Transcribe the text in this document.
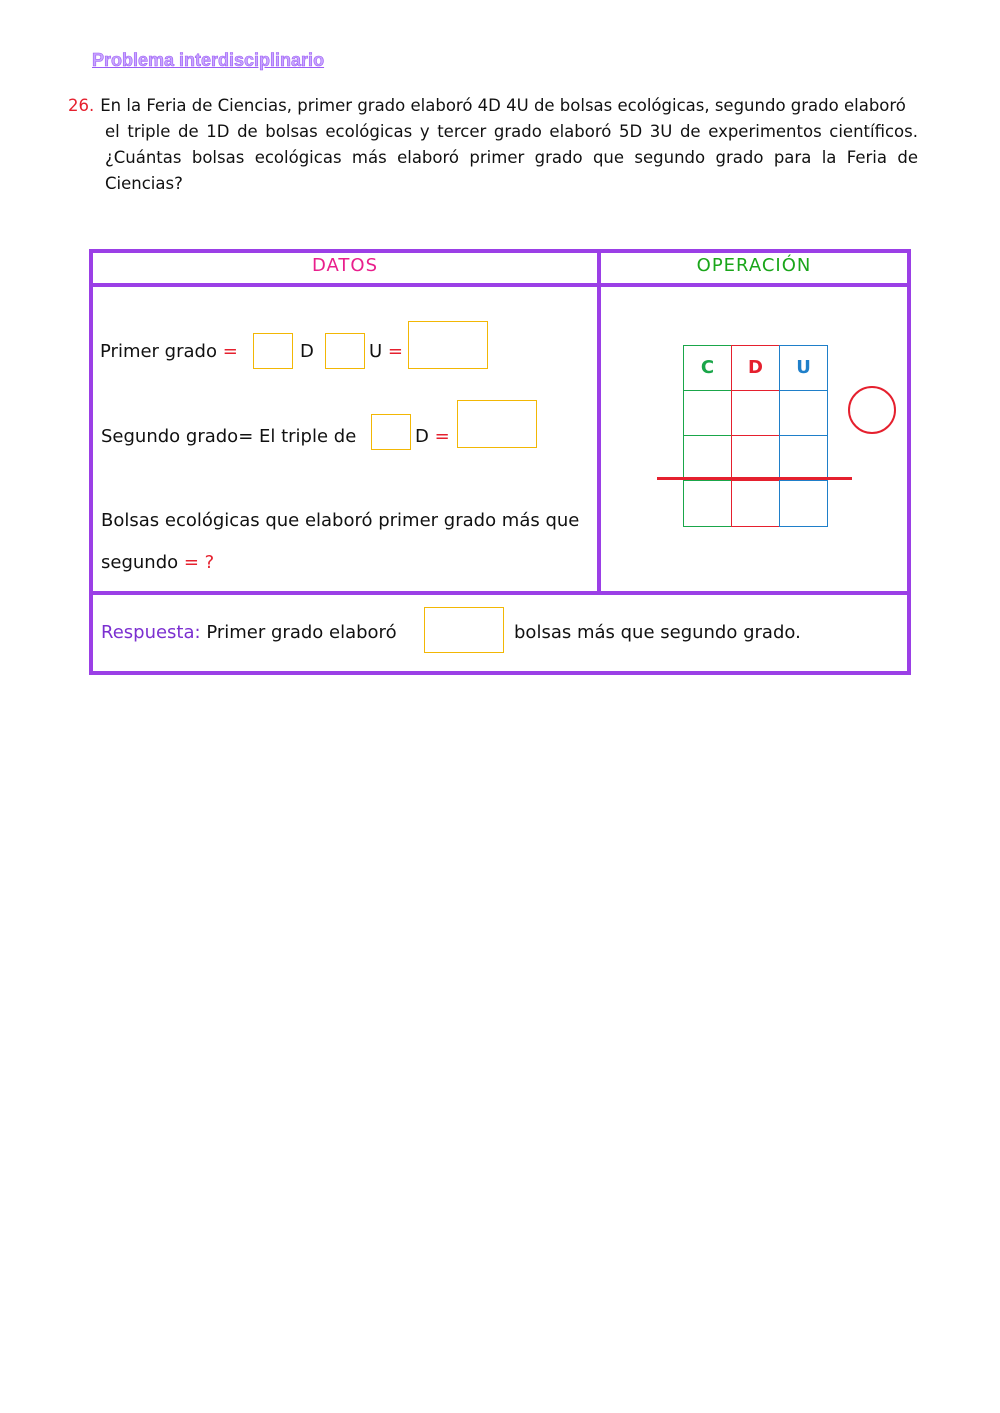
Problema interdisciplinario
26. En la Feria de Ciencias, primer grado elaboró 4D 4U de bolsas ecológicas, segundo grado elaboró
el triple de 1D de bolsas ecológicas y tercer grado elaboró 5D 3U de experimentos científicos. ¿Cuántas bolsas ecológicas más elaboró primer grado que segundo grado para la Feria de Ciencias?
DATOS	OPERACIÓN
Primer grado =	D	U =
Segundo grado= El triple de	D =
Bolsas ecológicas que elaboró primer grado más que
segundo = ?
C	D	U
Respuesta: Primer grado elaboró	bolsas más que segundo grado.
